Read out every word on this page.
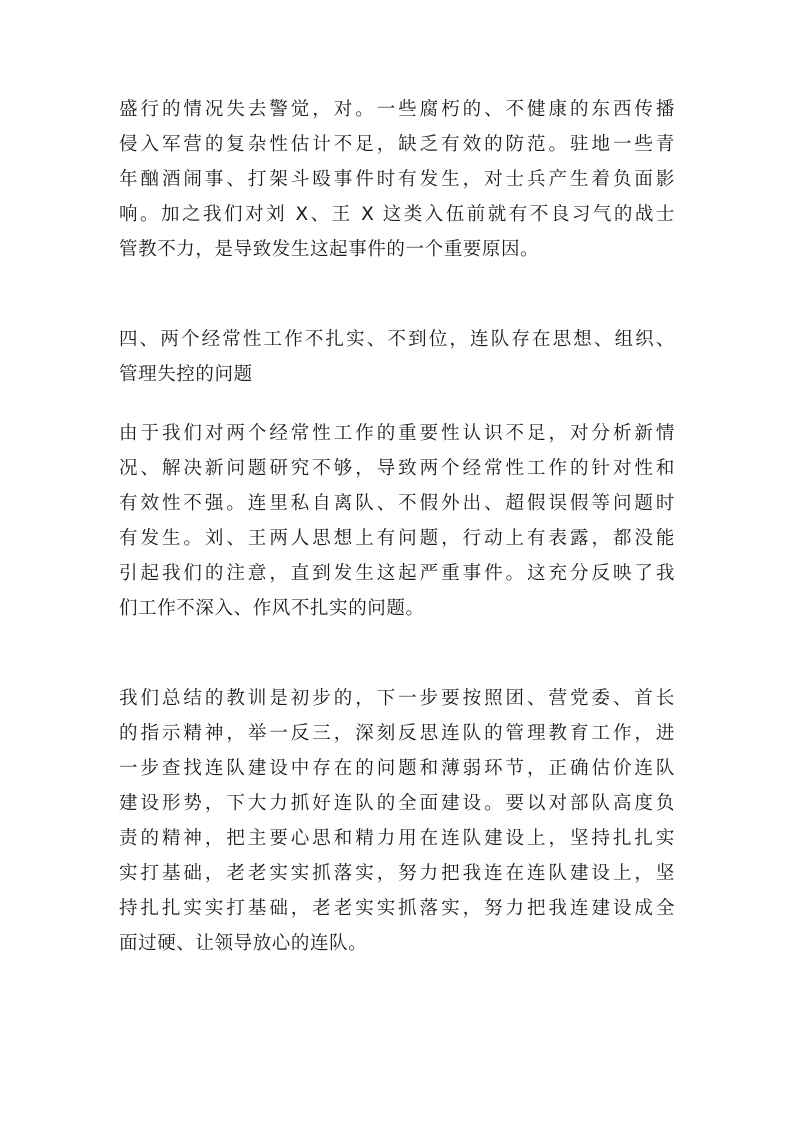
盛行的情况失去警觉，对。一些腐朽的、不健康的东西传播
侵入军营的复杂性估计不足，缺乏有效的防范。驻地一些青
年酗酒闹事、打架斗殴事件时有发生，对士兵产生着负面影
响。加之我们对刘 X、王 X 这类入伍前就有不良习气的战士
管教不力，是导致发生这起事件的一个重要原因。
四、两个经常性工作不扎实、不到位，连队存在思想、组织、
管理失控的问题
由于我们对两个经常性工作的重要性认识不足，对分析新情
况、解决新问题研究不够，导致两个经常性工作的针对性和
有效性不强。连里私自离队、不假外出、超假误假等问题时
有发生。刘、王两人思想上有问题，行动上有表露，都没能
引起我们的注意，直到发生这起严重事件。这充分反映了我
们工作不深入、作风不扎实的问题。
我们总结的教训是初步的，下一步要按照团、营党委、首长
的指示精神，举一反三，深刻反思连队的管理教育工作，进
一步查找连队建设中存在的问题和薄弱环节，正确估价连队
建设形势，下大力抓好连队的全面建设。要以对部队高度负
责的精神，把主要心思和精力用在连队建设上，坚持扎扎实
实打基础，老老实实抓落实，努力把我连在连队建设上，坚
持扎扎实实打基础，老老实实抓落实，努力把我连建设成全
面过硬、让领导放心的连队。
